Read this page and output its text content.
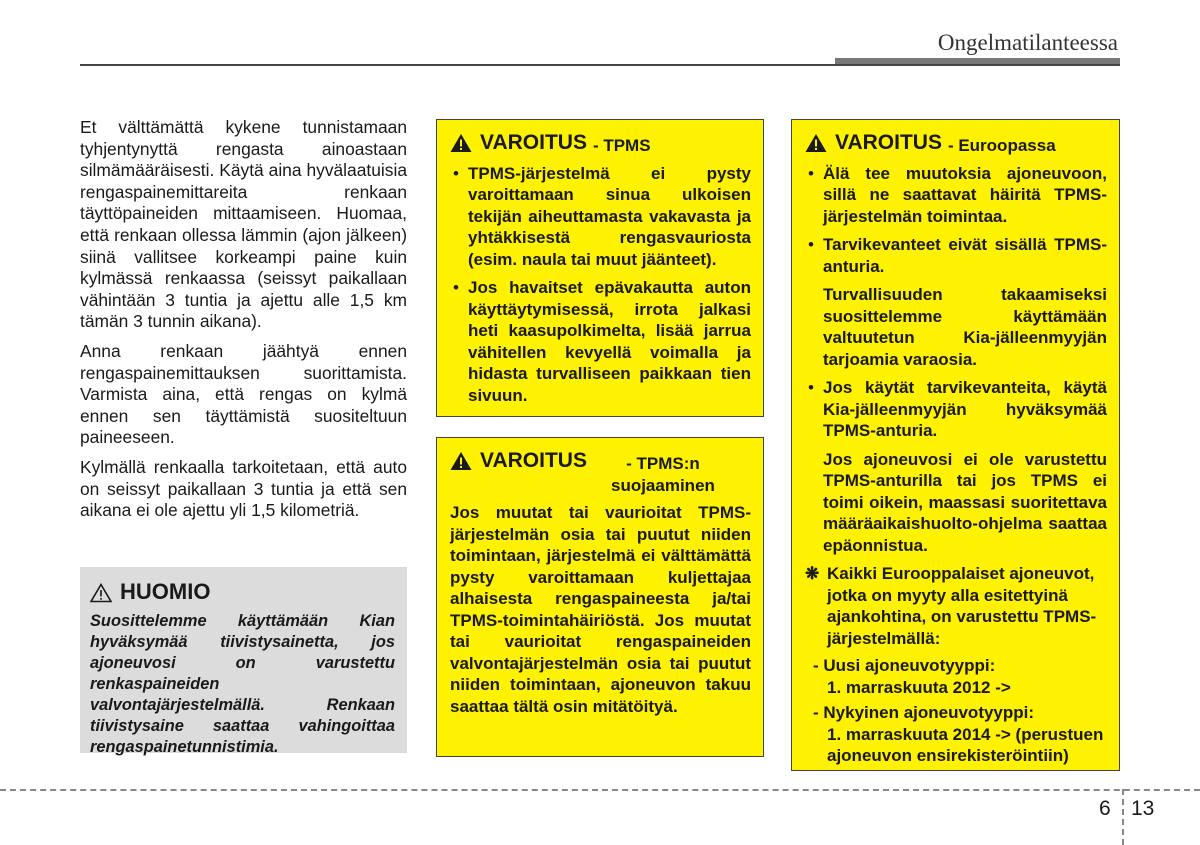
Ongelmatilanteessa

Et välttämättä kykene tunnistamaan tyhjentynyttä rengasta ainoastaan silmämääräisesti. Käytä aina hyvälaatuisia rengaspainemittareita renkaan täyttöpaineiden mittaamiseen. Huomaa, että renkaan ollessa lämmin (ajon jälkeen) siinä vallitsee korkeampi paine kuin kylmässä renkaassa (seissyt paikallaan vähintään 3 tuntia ja ajettu alle 1,5 km tämän 3 tunnin aikana).

Anna renkaan jäähtyä ennen rengaspainemittauksen suorittamista. Varmista aina, että rengas on kylmä ennen sen täyttämistä suositeltuun paineeseen.

Kylmällä renkaalla tarkoitetaan, että auto on seissyt paikallaan 3 tuntia ja että sen aikana ei ole ajettu yli 1,5 kilometriä.

HUOMIO
Suosittelemme käyttämään Kian hyväksymää tiivistysainetta, jos ajoneuvosi on varustettu renkaspaineiden valvontajärjestelmällä. Renkaan tiivistysaine saattaa vahingoittaa rengaspainetunnistimia.
VAROITUS - TPMS
• TPMS-järjestelmä ei pysty varoittamaan sinua ulkoisen tekijän aiheuttamasta vakavasta ja yhtäkkisestä rengasvauriosta (esim. naula tai muut jäänteet).
• Jos havaitset epävakautta auton käyttäytymisessä, irrota jalkasi heti kaasupolkimelta, lisää jarrua vähitellen kevyellä voimalla ja hidasta turvalliseen paikkaan tien sivuun.
VAROITUS	- TPMS:n suojaaminen

Jos muutat tai vaurioitat TPMS-järjestelmän osia tai puutut niiden toimintaan, järjestelmä ei välttämättä pysty varoittamaan kuljettajaa alhaisesta rengaspaineesta ja/tai TPMS-toimintahäiriöstä. Jos muutat tai vaurioitat rengaspaineiden valvontajärjestelmän osia tai puutut niiden toimintaan, ajoneuvon takuu saattaa tältä osin mitätöityä.

VAROITUS - Euroopassa
• Älä tee muutoksia ajoneuvoon, sillä ne saattavat häiritä TPMS-järjestelmän toimintaa.
• Tarvikevanteet eivät sisällä TPMS-anturia.

Turvallisuuden takaamiseksi suosittelemme käyttämään valtuutetun Kia-jälleenmyyjän tarjoamia varaosia.

• Jos käytät tarvikevanteita, käytä Kia-jälleenmyyjän hyväksymää TPMS-anturia.

Jos ajoneuvosi ei ole varustettu TPMS-anturilla tai jos TPMS ei toimi oikein, maassasi suoritettava määräaikaishuolto-ohjelma saattaa epäonnistua.

❋ Kaikki Eurooppalaiset ajoneuvot, jotka on myyty alla esitettyinä ajankohtina, on varustettu TPMS-järjestelmällä:
- Uusi ajoneuvotyyppi:
1. marraskuuta 2012 ->
- Nykyinen ajoneuvotyyppi:
1. marraskuuta 2014 -> (perustuen ajoneuvon ensirekisteröintiin)
6 13
